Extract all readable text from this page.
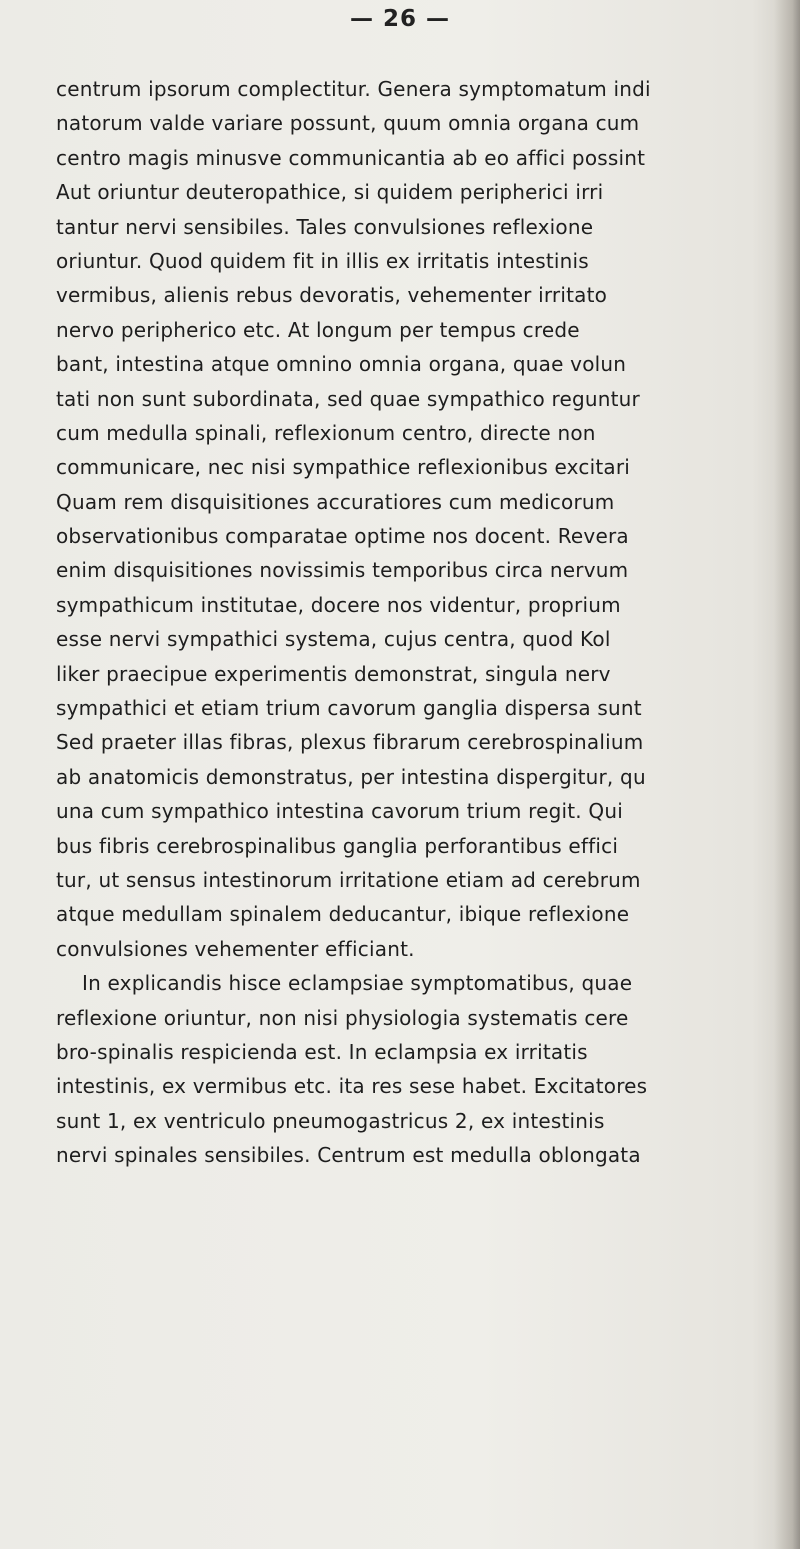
— 26 —
centrum ipsorum complectitur. Genera symptomatum indi
natorum valde variare possunt, quum omnia organa cum
centro magis minusve communicantia ab eo affici possint
Aut oriuntur deuteropathice, si quidem peripherici irri
tantur nervi sensibiles. Tales convulsiones reflexione
oriuntur. Quod quidem fit in illis ex irritatis intestinis
vermibus, alienis rebus devoratis, vehementer irritato
nervo peripherico etc. At longum per tempus crede
bant, intestina atque omnino omnia organa, quae volun
tati non sunt subordinata, sed quae sympathico reguntur
cum medulla spinali, reflexionum centro, directe non
communicare, nec nisi sympathice reflexionibus excitari
Quam rem disquisitiones accuratiores cum medicorum
observationibus comparatae optime nos docent. Revera
enim disquisitiones novissimis temporibus circa nervum
sympathicum institutae, docere nos videntur, proprium
esse nervi sympathici systema, cujus centra, quod Kol
liker praecipue experimentis demonstrat, singula nerv
sympathici et etiam trium cavorum ganglia dispersa sunt
Sed praeter illas fibras, plexus fibrarum cerebrospinalium
ab anatomicis demonstratus, per intestina dispergitur, qu
una cum sympathico intestina cavorum trium regit. Qui
bus fibris cerebrospinalibus ganglia perforantibus effici
tur, ut sensus intestinorum irritatione etiam ad cerebrum
atque medullam spinalem deducantur, ibique reflexione
convulsiones vehementer efficiant.
In explicandis hisce eclampsiae symptomatibus, quae
reflexione oriuntur, non nisi physiologia systematis cere
bro-spinalis respicienda est. In eclampsia ex irritatis
intestinis, ex vermibus etc. ita res sese habet. Excitatores
sunt 1, ex ventriculo pneumogastricus 2, ex intestinis
nervi spinales sensibiles. Centrum est medulla oblongata
